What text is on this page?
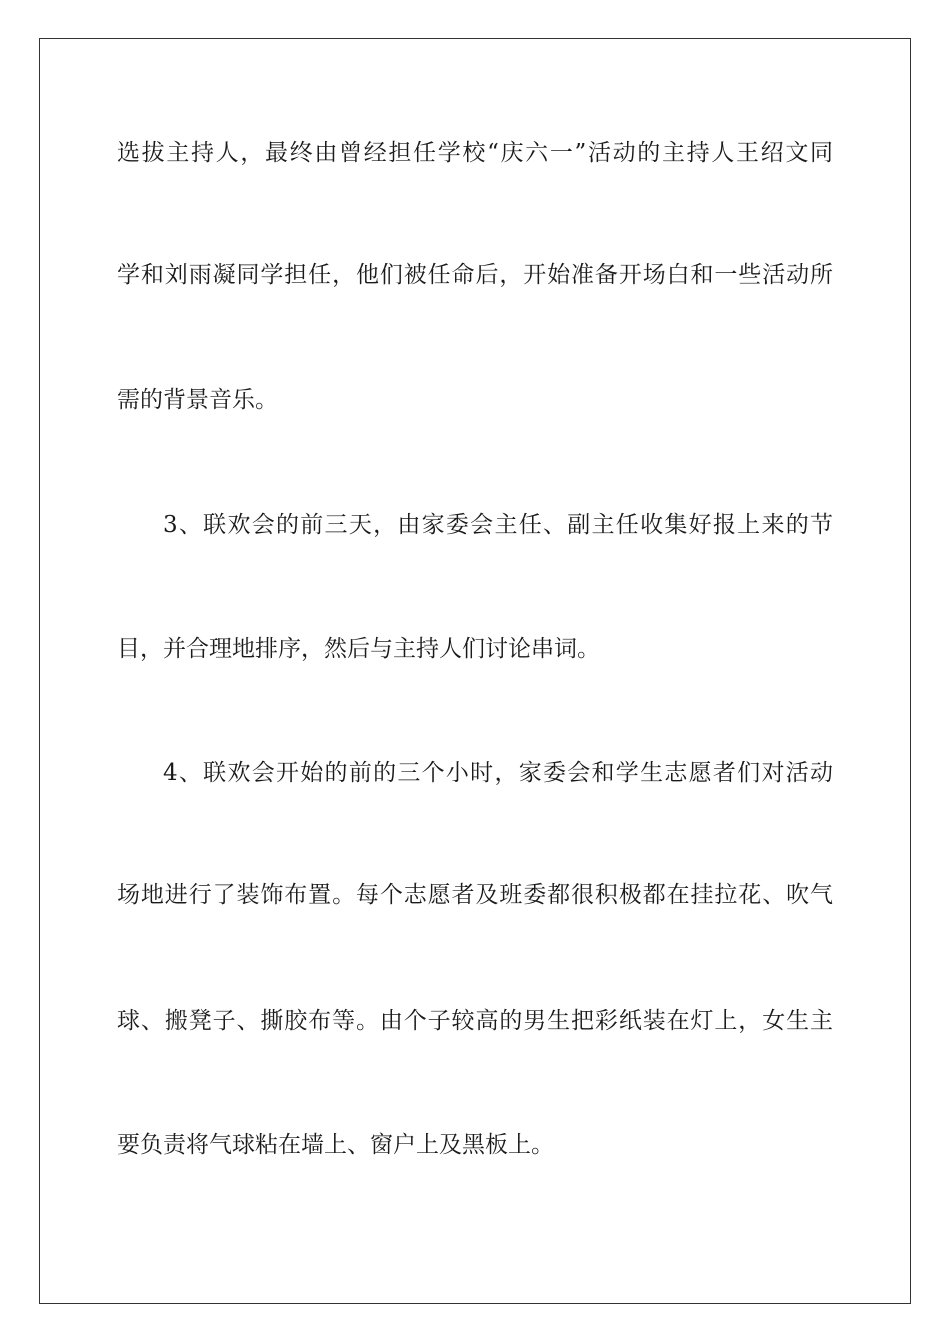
选拔主持人，最终由曾经担任学校“庆六一”活动的主持人王绍文同
学和刘雨凝同学担任，他们被任命后，开始准备开场白和一些活动所
需的背景音乐。
3、联欢会的前三天，由家委会主任、副主任收集好报上来的节
目，并合理地排序，然后与主持人们讨论串词。
4、联欢会开始的前的三个小时，家委会和学生志愿者们对活动
场地进行了装饰布置。每个志愿者及班委都很积极都在挂拉花、吹气
球、搬凳子、撕胶布等。由个子较高的男生把彩纸装在灯上，女生主
要负责将气球粘在墙上、窗户上及黑板上。
